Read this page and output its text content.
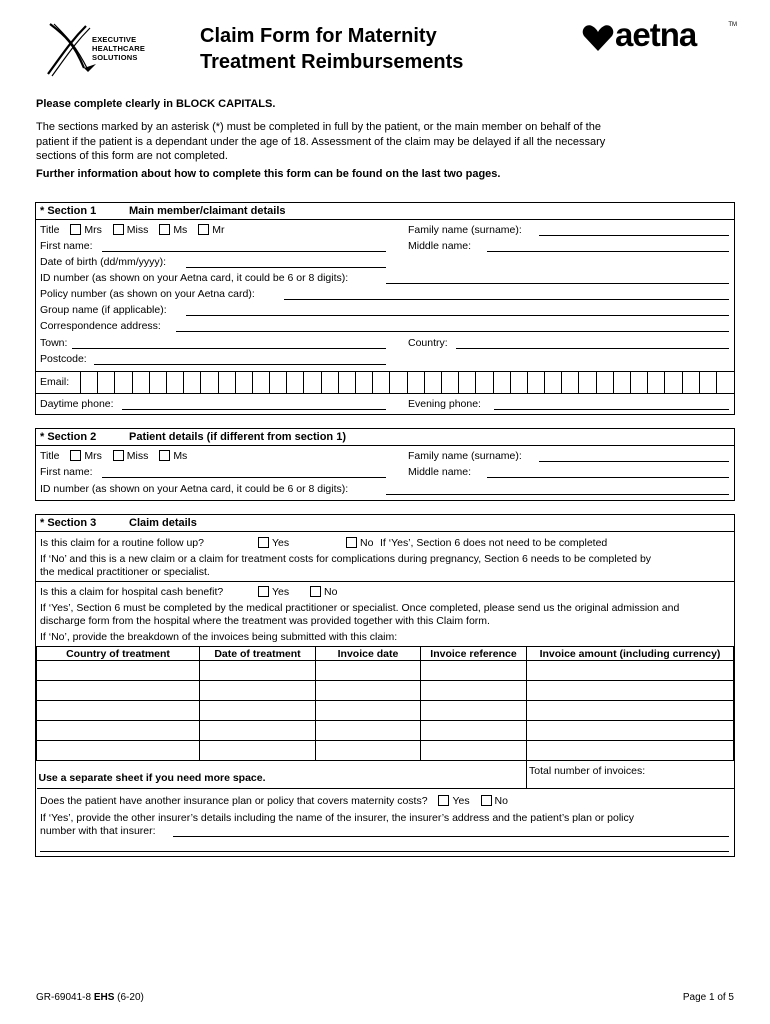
EXECUTIVE
HEALTHCARE
SOLUTIONS
Claim Form for Maternity
Treatment Reimbursements
aetna	TM
Please complete clearly in BLOCK CAPITALS.
The sections marked by an asterisk (*) must be completed in full by the patient, or the main member on behalf of the
patient if the patient is a dependant under the age of 18. Assessment of the claim may be delayed if all the necessary
sections of this form are not completed.
Further information about how to complete this form can be found on the last two pages.
* Section 1	Main member/claimant details
Title Mrs Miss Ms Mr	Family name (surname):
First name:	Middle name:
Date of birth (dd/mm/yyyy):
ID number (as shown on your Aetna card, it could be 6 or 8 digits):
Policy number (as shown on your Aetna card):
Group name (if applicable):
Correspondence address:
Town:	Country:
Postcode:
Email:
Daytime phone:	Evening phone:
* Section 2	Patient details (if different from section 1)
Title Mrs Miss Ms	Family name (surname):
First name:	Middle name:
ID number (as shown on your Aetna card, it could be 6 or 8 digits):
* Section 3	Claim details
Is this claim for a routine follow up?	Yes	No If ‘Yes’, Section 6 does not need to be completed
If ‘No’ and this is a new claim or a claim for treatment costs for complications during pregnancy, Section 6 needs to be completed by
the medical practitioner or specialist.
Is this a claim for hospital cash benefit?	Yes	No
If ‘Yes’, Section 6 must be completed by the medical practitioner or specialist. Once completed, please send us the original admission and
discharge form from the hospital where the treatment was provided together with this Claim form.
If ‘No’, provide the breakdown of the invoices being submitted with this claim:
Country of treatment	Date of treatment	Invoice date	Invoice reference	Invoice amount (including currency)

Use a separate sheet if you need more space.				Total number of invoices:
Does the patient have another insurance plan or policy that covers maternity costs? Yes No
If ‘Yes’, provide the other insurer’s details including the name of the insurer, the insurer’s address and the patient’s plan or policy
number with that insurer:
GR-69041-8 EHS (6-20)	Page 1 of 5
